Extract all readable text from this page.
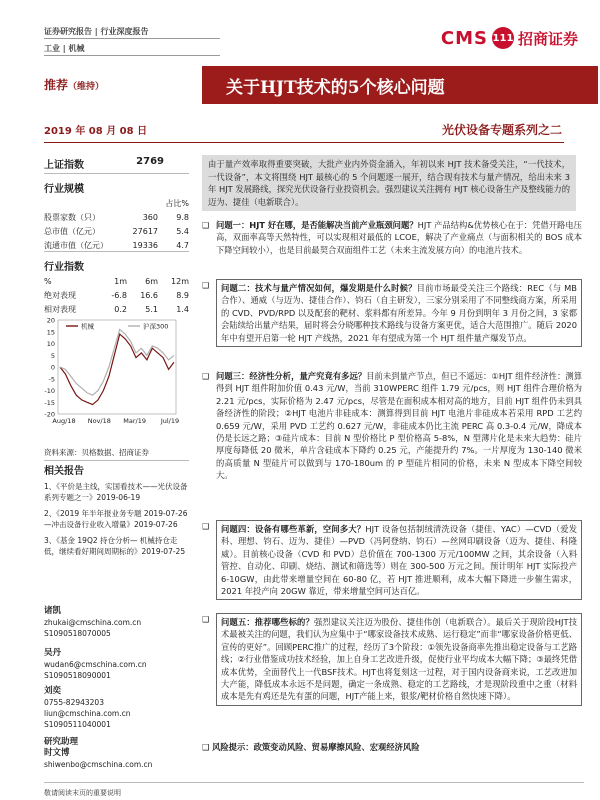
证券研究报告 | 行业深度报告
工业 | 机械	CMS 111 招商证券
推荐（维持）	关于HJT技术的5个核心问题
2019 年 08 月 08 日	光伏设备专题系列之二
上证指数	2769
行业规模
占比%
股票家数（只）	360	9.8
总市值（亿元）	27617	5.4
流通市值（亿元）	19336	4.7
行业指数
%	1m	6m	12m
绝对表现	-6.8	16.6	8.9
相对表现	0.2	5.1	1.4
20
15
10
5
0
-5
-10
-15
-20
Aug/18 Nov/18 Mar/19 Jul/19
机械	沪深300
资料来源：贝格数据、招商证券
相关报告
1、《平价是主线，实国看技术——光伏设备系列专题之一》2019-06-19
2、《2019 年半年报业务专题 2019-07-26 —冲击设备行业收入增量》2019-07-26
3、《基金 19Q2 持仓分析— 机械持仓走低，继续看好期间周期标的》2019-07-25
诸凯
zhukai@cmschina.com.cn
S1090518070005
吴丹
wudan6@cmschina.com.cn
S1090518090001
刘奕
0755-82943203
liun@cmschina.com.cn
S1090511040001
研究助理
时文博
shiwenbo@cmschina.com.cn
敬请阅读末页的重要说明
由于量产效率取得重要突破，大批产业内外资金涌入，年初以来 HJT 技术备受关注，“一代技术，一代设备”，本文将围绕 HJT 最核心的 5 个问题逐一展开，结合现有技术与量产情况，给出未来 3 年 HJT 发展路线，探究光伏设备行业投资机会。强烈建议关注拥有 HJT 核心设备生产及整线能力的迈为、捷佳（电新联合）。
❑ 问题一：HJT 好在哪，是否能解决当前产业瓶颈问题？HJT 产品结构&优势核心在于：凭借开路电压高，双面率高等天然特性，可以实现相对最低的 LCOE，解决了产业痛点（与面积相关的 BOS 成本下降空间较小），也是目前最契合双面组件工艺（未来主流发展方向）的电池片技术。
❑	问题二：技术与量产情况如何，爆发期是什么时候？目前市场最受关注三个路线：REC（与 MB 合作）、通威（与迈为、捷佳合作）、钧石（自主研发），三家分别采用了不同整线商方案，所采用的 CVD、PVD/RPD 以及配套的靶材、浆料都有所差异。今年 9 月份到明年 3 月份之间，3 家都会陆续给出量产结果，届时将会分晓哪种技术路线与设备方案更优，适合大范围推广。随后 2020 年中有望开启第一轮 HJT 产线热，2021 年有望成为第一个 HJT 组件量产爆发节点。
❑ 问题三：经济性分析，量产究竟有多远？目前未到量产节点，但已不遥远：①HJT 组件经济性：测算得到 HJT 组件附加价值 0.43 元/W，当前 310WPERC 组件 1.79 元/pcs，则 HJT 组件合理价格为 2.21 元/pcs，实际价格为 2.47 元/pcs，尽管是在面积成本相对高的地方，目前 HJT 组件仍未到具备经济性的阶段；②HJT 电池片非硅成本：测算得到目前 HJT 电池片非硅成本若采用 RPD 工艺约 0.659 元/W，采用 PVD 工艺约 0.627 元/W，非硅成本仍比主流 PERC 高 0.3-0.4 元/W，降成本仍是长远之路；③硅片成本：目前 N 型价格比 P 型价格高 5-8%，N 型薄片化是未来大趋势：硅片厚度每降低 20 微米，单片含硅成本下降约 0.25 元，产能提升约 7%。一片厚度为 130-140 微米的高质量 N 型硅片可以做到与 170-180um 的 P 型硅片相同的价格，未来 N 型成本下降空间较大。
❑	问题四：设备有哪些革新，空间多大？HJT 设备包括制绒清洗设备（捷佳、YAC）—CVD（爱发科、理想、钧石、迈为、捷佳）—PVD（冯阿登纳、钧石）—丝网印刷设备（迈为、捷佳、科隆威）。目前核心设备（CVD 和 PVD）总价值在 700-1300 万元/100MW 之间，其余设备（入料管控、自动化、印刷、烧结、测试和筛选等）则在 300-500 万元之间。预计明年 HJT 实际投产 6-10GW，由此带来增量空间在 60-80 亿，若 HJT 推进顺利，成本大幅下降进一步催生需求，2021 年投产向 20GW 靠近，带来增量空间可达百亿。
❑	问题五：推荐哪些标的？强烈建议关注迈为股份、捷佳伟创（电新联合）。最后关于现阶段HJT技术最被关注的问题，我们认为应集中于“哪家设备技术成熟、运行稳定”而非“哪家设备价格更低、宣传的更好”。回顾PERC推广的过程，经历了3个阶段：①领先设备商率先推出稳定设备与工艺路线；②行业借鉴成功技术经验，加上自身工艺改进升级，促使行业平均成本大幅下降；③最终凭借成本优势，全面替代上一代BSF技术。HJT也将复刻这一过程，对于国内设备商来说，工艺改进加大产能，降低成本永远不是问题，确定一条成熟、稳定的工艺路线，才是现阶段重中之重（材料成本是先有鸡还是先有蛋的问题，HJT产能上来，银浆/靶材价格自然快速下降）。
❑ 风险提示：政策变动风险、贸易摩擦风险、宏观经济风险
